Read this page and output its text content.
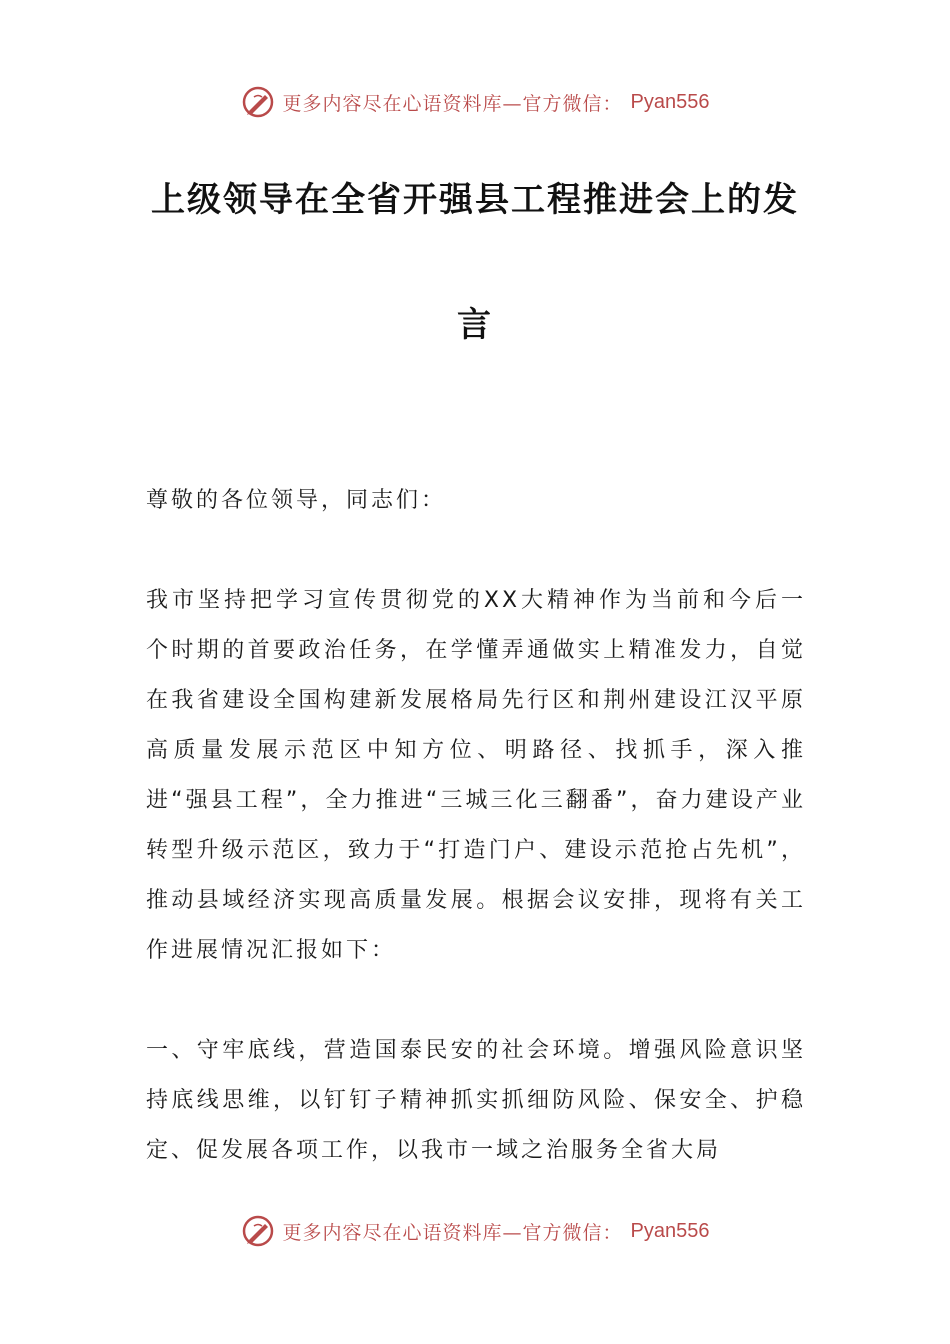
更多内容尽在心语资料库—官方微信： Pyan556
上级领导在全省开强县工程推进会上的发
言

尊敬的各位领导，同志们：

我市坚持把学习宣传贯彻党的XX大精神作为当前和今后一个时期的首要政治任务，在学懂弄通做实上精准发力，自觉在我省建设全国构建新发展格局先行区和荆州建设江汉平原高质量发展示范区中知方位、明路径、找抓手，深入推进“强县工程”，全力推进“三城三化三翻番”，奋力建设产业转型升级示范区，致力于“打造门户、建设示范抢占先机”，推动县域经济实现高质量发展。根据会议安排，现将有关工作进展情况汇报如下：

一、守牢底线，营造国泰民安的社会环境。增强风险意识坚持底线思维，以钉钉子精神抓实抓细防风险、保安全、护稳定、促发展各项工作，以我市一域之治服务全省大局

更多内容尽在心语资料库—官方微信： Pyan556
